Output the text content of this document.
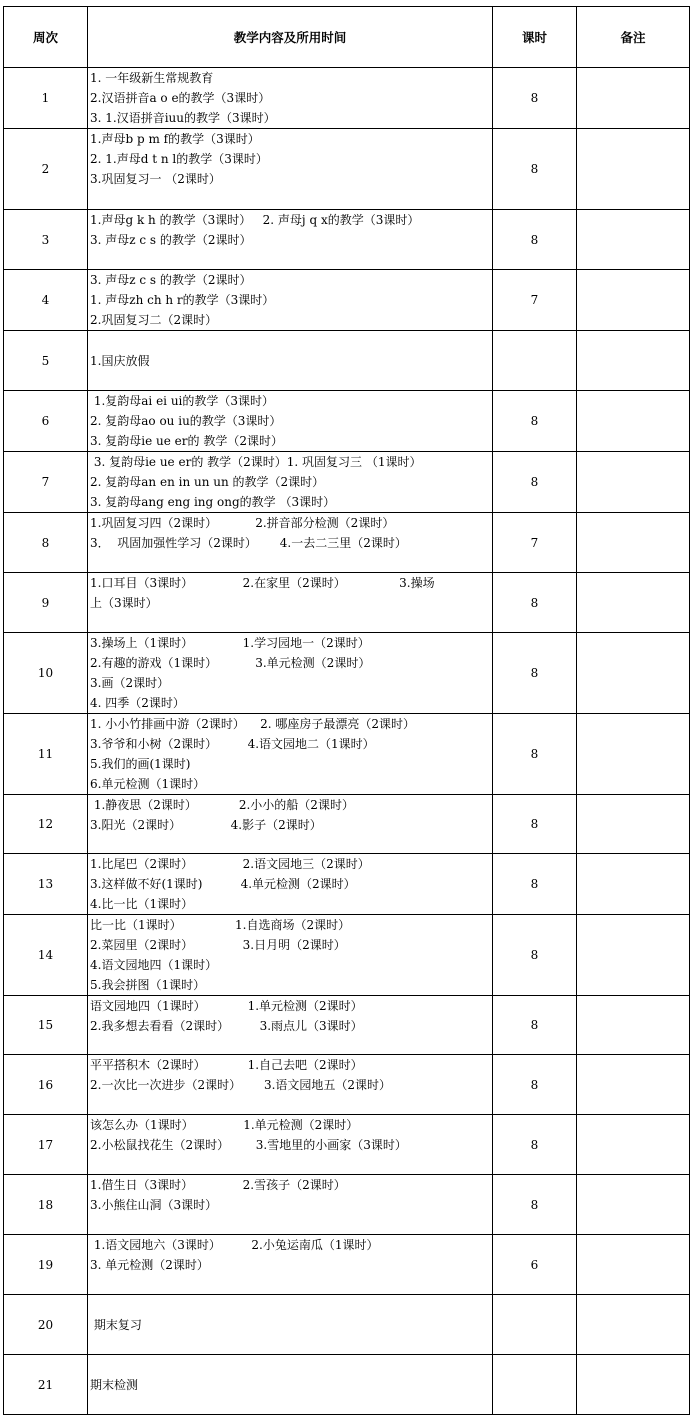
周次	教学内容及所用时间	课时	备注
1	1. 一年级新生常规教育
2.汉语拼音a o e的教学（3课时）
3. 1.汉语拼音iuu的教学（3课时）	8	
2	1.声母b p m f的教学（3课时）
2. 1.声母d t n l的教学（3课时）
3.巩固复习一 （2课时）	8	
3	1.声母g k h 的教学（3课时）   2. 声母j q x的教学（3课时）
3. 声母z c s 的教学（2课时）	8	
4	3. 声母z c s 的教学（2课时）
1. 声母zh ch h r的教学（3课时）
2.巩固复习二（2课时）	7	
5	1.国庆放假		

6	1.复韵母ai ei ui的教学（3课时）
2. 复韵母ao ou iu的教学（3课时）
3. 复韵母ie ue er的 教学（2课时）	8	
7	3. 复韵母ie ue er的 教学（2课时）1. 巩固复习三 （1课时）
2. 复韵母an en in un un 的教学（2课时）
3. 复韵母ang eng ing ong的教学 （3课时）	8	
8	1.巩固复习四（2课时）          2.拼音部分检测（2课时）
3．  巩固加强性学习（2课时）      4.一去二三里（2课时）	7	
9	1.口耳目（3课时）             2.在家里（2课时）              3.操场
上（3课时）	8	
10	3.操场上（1课时）             1.学习园地一（2课时）
2.有趣的游戏（1课时）          3.单元检测（2课时）
3.画（2课时）
4. 四季（2课时）	8	
11	1. 小小竹排画中游（2课时）    2. 哪座房子最漂亮（2课时）
3.爷爷和小树（2课时）        4.语文园地二（1课时）
5.我们的画(1课时)
6.单元检测（1课时）	8	
12	1.静夜思（2课时）           2.小小的船（2课时）
3.阳光（2课时）             4.影子（2课时）	8	
13	1.比尾巴（2课时）             2.语文园地三（2课时）
3.这样做不好(1课时)          4.单元检测（2课时）
4.比一比（1课时）	8	
14	比一比（1课时）              1.自选商场（2课时）
2.菜园里（2课时）             3.日月明（2课时）
4.语文园地四（1课时）
5.我会拼图（1课时）	8	
15	语文园地四（1课时）           1.单元检测（2课时）
2.我多想去看看（2课时）        3.雨点儿（3课时）	8	
16	平平搭积木（2课时）           1.自己去吧（2课时）
2.一次比一次进步（2课时）      3.语文园地五（2课时）	8	
17	该怎么办（1课时）             1.单元检测（2课时）
2.小松鼠找花生（2课时）       3.雪地里的小画家（3课时）	8	
18	1.借生日（3课时）             2.雪孩子（2课时）
3.小熊住山洞（3课时）	8	
19	1.语文园地六（3课时）        2.小兔运南瓜（1课时）
3. 单元检测（2课时）	6	
20	期末复习		

21	期末检测		
